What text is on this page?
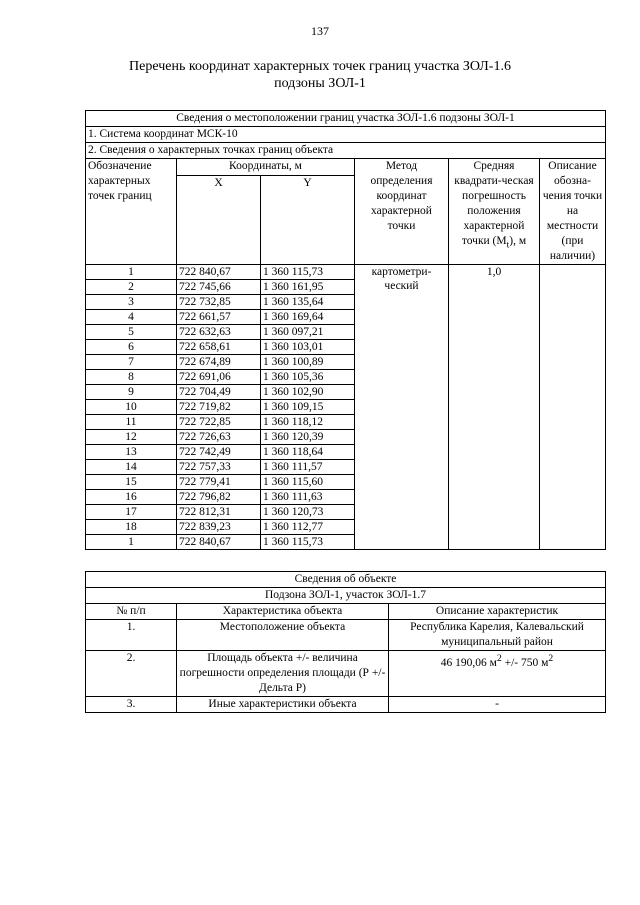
137
Перечень координат характерных точек границ участка ЗОЛ-1.6
подзоны ЗОЛ-1
Сведения о местоположении границ участка ЗОЛ-1.6 подзоны ЗОЛ-1					
1. Система координат МСК-10					
2. Сведения о характерных точках границ объекта					
Обозначение характерных точек границ	Координаты, м		Метод определения координат характерной точки	Средняя квадрати-ческая погрешность положения характерной точки $(M_t)$, м	Описание обозна-чения точки на местности (при наличии)
	X	Y			
1	722 840,67	1 360 115,73	картометри-ческий	1,0	
2	722 745,66	1 360 161,95			
3	722 732,85	1 360 135,64			
4	722 661,57	1 360 169,64			
5	722 632,63	1 360 097,21			
6	722 658,61	1 360 103,01			
7	722 674,89	1 360 100,89			
8	722 691,06	1 360 105,36			
9	722 704,49	1 360 102,90			
10	722 719,82	1 360 109,15			
11	722 722,85	1 360 118,12			
12	722 726,63	1 360 120,39			
13	722 742,49	1 360 118,64			
14	722 757,33	1 360 111,57			
15	722 779,41	1 360 115,60			
16	722 796,82	1 360 111,63			
17	722 812,31	1 360 120,73			
18	722 839,23	1 360 112,77			
1	722 840,67	1 360 115,73			
Сведения об объекте		
Подзона ЗОЛ-1, участок ЗОЛ-1.7		
№ п/п	Характеристика объекта	Описание характеристик
1.	Местоположение объекта	Республика Карелия, Калевальский муниципальный район
2.	Площадь объекта +/- величина погрешности определения площади (Р +/- Дельта Р)	46 190,06 $м^2$ +/- 750 $м^2$
3.	Иные характеристики объекта	-
